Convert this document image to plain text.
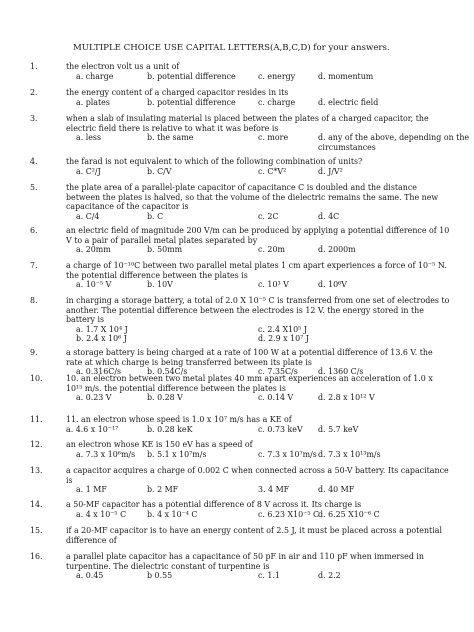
MULTIPLE CHOICE USE CAPITAL LETTERS(A,B,C,D) for your answers.
1.	the electron volt us a unit of
a. charge	b. potential difference	c. energy	d. momentum
2.	the energy content of a charged capacitor resides in its
a. plates	b. potential difference	c. charge	d. electric field
3.	when a slab of insulating material is placed between the plates of a charged capacitor, the electric field there is relative to what it was before is
a. less	b. the same	c. more	d. any of the above, depending on the circumstances
4.	the farad is not equivalent to which of the following combination of units?
a. C²/J	b. C/V	c. C*V²	d. J/V²
5.	the plate area of a parallel-plate capacitor of capacitance C is doubled and the distance between the plates is halved, so that the volume of the dielectric remains the same. The new capacitance of the capacitor is
a. C/4	b. C	c. 2C	d. 4C
6.	an electric field of magnitude 200 V/m can be produced by applying a potential difference of 10 V to a pair of parallel metal plates separated by
a. 20mm	b. 50mm	c. 20m	d. 2000m
7.	a charge of 10⁻¹⁰C between two parallel metal plates 1 cm apart experiences a force of 10⁻⁵ N. the potential difference between the plates is
a. 10⁻⁵ V	b. 10V	c. 10³ V	d. 10⁶V
8.	in charging a storage battery, a total of 2.0 X 10⁻⁵ C is transferred from one set of electrodes to another. The potential difference between the electrodes is 12 V. the energy stored in the battery is
a. 1.7 X 10⁴ J	c. 2.4 X10⁵ J
b. 2.4 x 10⁶ J	d. 2.9 x 10⁷ J
9.	a storage battery is being charged at a rate of 100 W at a potential difference of 13.6 V. the rate at which charge is being transferred between its plate is
a. 0.316C/s	b. 0.54C/s	c. 7.35C/s	d. 1360 C/s
10.	10. an electron between two metal plates 40 mm apart experiences an acceleration of 1.0 x 10¹⁵ m/s. the potential difference between the plates is
a. 0.23 V	b. 0.28 V	c. 0.14 V	d. 2.8 x 10¹² V
11.	11. an electron whose speed is 1.0 x 10⁷ m/s has a KE of
a. 4.6 x 10⁻¹⁷	b. 0.28 keK	c. 0.73 keV d. 5.7 keV
12.	an electron whose KE is 150 eV has a speed of
a. 7.3 x 10⁶m/s b. 5.1 x 10⁷m/s	c. 7.3 x 10⁷m/s d. 7.3 x 10¹³m/s
13.	a capacitor acquires a charge of 0.002 C when connected across a 50-V battery. Its capacitance is
a. 1 MF	b. 2 MF	3. 4 MF	d. 40 MF
14.	a 50-MF capacitor has a potential difference of 8 V across it. Its charge is
a. 4 x 10⁻⁵ C	b. 4 x 10⁻⁴ C	c. 6.23 X10⁻⁵ C
d. 6.25 X10⁻⁶ C
15.	if a 20-MF capacitor is to have an energy content of 2.5 J, it must be placed across a potential difference of
16.	a parallel plate capacitor has a capacitance of 50 pF in air and 110 pF when immersed in turpentine. The dielectric constant of turpentine is
a. 0.45	b 0.55	c. 1.1	d. 2.2
